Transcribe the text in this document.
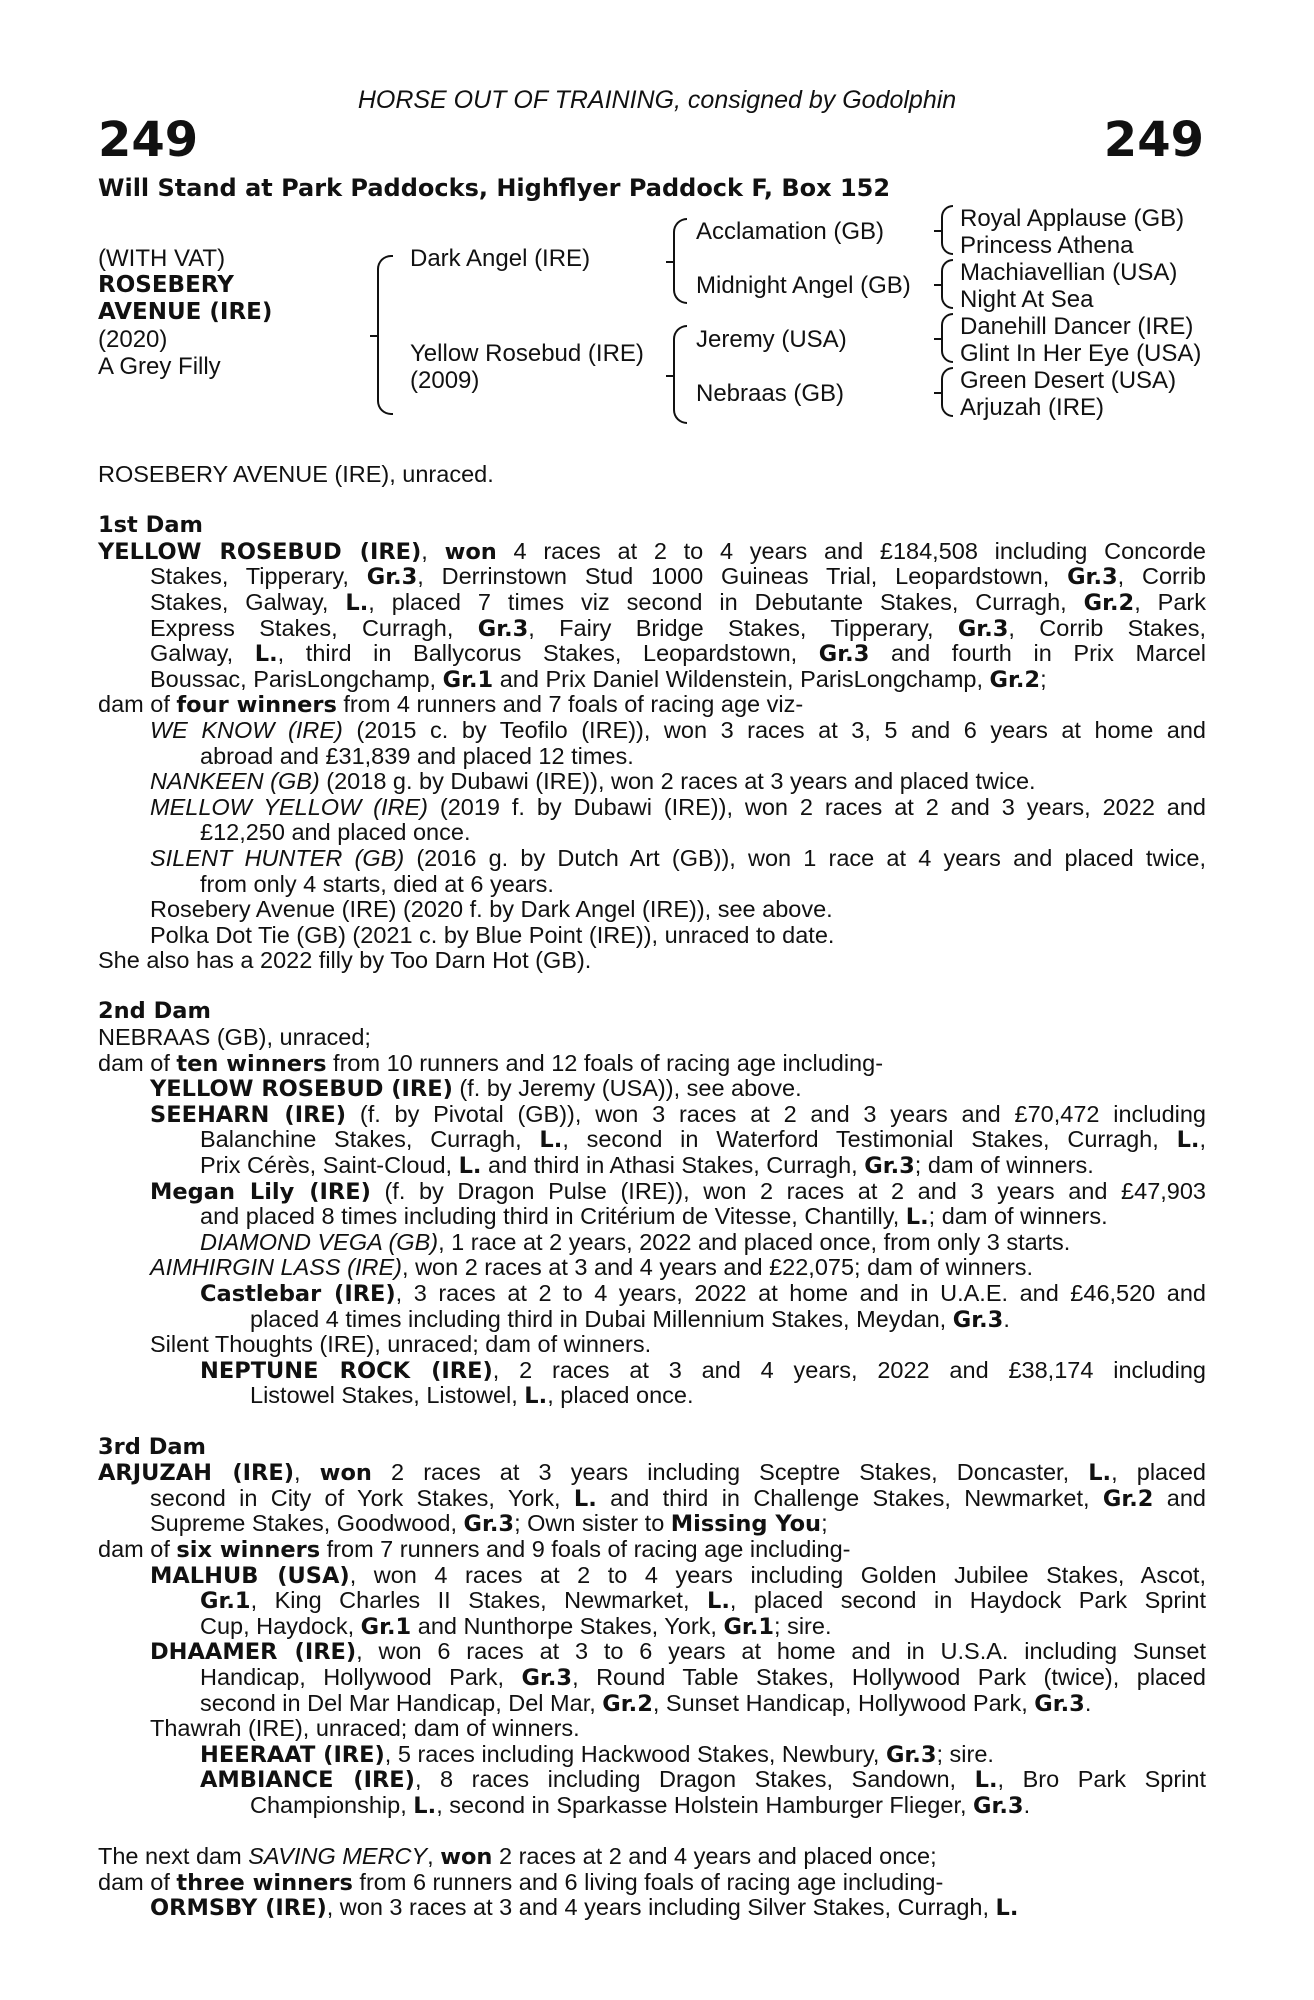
HORSE OUT OF TRAINING, consigned by Godolphin
249	249
Will Stand at Park Paddocks, Highflyer Paddock F, Box 152
(WITH VAT)
ROSEBERY
AVENUE (IRE)
(2020)
A Grey Filly
Dark Angel (IRE)
Yellow Rosebud (IRE)
(2009)
Acclamation (GB)
Midnight Angel (GB)
Jeremy (USA)
Nebraas (GB)
Royal Applause (GB)
Princess Athena
Machiavellian (USA)
Night At Sea
Danehill Dancer (IRE)
Glint In Her Eye (USA)
Green Desert (USA)
Arjuzah (IRE)
ROSEBERY AVENUE (IRE), unraced.
1st Dam
YELLOW ROSEBUD (IRE), won 4 races at 2 to 4 years and £184,508 including Concorde
Stakes, Tipperary, Gr.3, Derrinstown Stud 1000 Guineas Trial, Leopardstown, Gr.3, Corrib
Stakes, Galway, L., placed 7 times viz second in Debutante Stakes, Curragh, Gr.2, Park
Express Stakes, Curragh, Gr.3, Fairy Bridge Stakes, Tipperary, Gr.3, Corrib Stakes,
Galway, L., third in Ballycorus Stakes, Leopardstown, Gr.3 and fourth in Prix Marcel
Boussac, ParisLongchamp, Gr.1 and Prix Daniel Wildenstein, ParisLongchamp, Gr.2;
dam of four winners from 4 runners and 7 foals of racing age viz-
WE KNOW (IRE) (2015 c. by Teofilo (IRE)), won 3 races at 3, 5 and 6 years at home and
abroad and £31,839 and placed 12 times.
NANKEEN (GB) (2018 g. by Dubawi (IRE)), won 2 races at 3 years and placed twice.
MELLOW YELLOW (IRE) (2019 f. by Dubawi (IRE)), won 2 races at 2 and 3 years, 2022 and
£12,250 and placed once.
SILENT HUNTER (GB) (2016 g. by Dutch Art (GB)), won 1 race at 4 years and placed twice,
from only 4 starts, died at 6 years.
Rosebery Avenue (IRE) (2020 f. by Dark Angel (IRE)), see above.
Polka Dot Tie (GB) (2021 c. by Blue Point (IRE)), unraced to date.
She also has a 2022 filly by Too Darn Hot (GB).
2nd Dam
NEBRAAS (GB), unraced;
dam of ten winners from 10 runners and 12 foals of racing age including-
YELLOW ROSEBUD (IRE) (f. by Jeremy (USA)), see above.
SEEHARN (IRE) (f. by Pivotal (GB)), won 3 races at 2 and 3 years and £70,472 including
Balanchine Stakes, Curragh, L., second in Waterford Testimonial Stakes, Curragh, L.,
Prix Cérès, Saint-Cloud, L. and third in Athasi Stakes, Curragh, Gr.3; dam of winners.
Megan Lily (IRE) (f. by Dragon Pulse (IRE)), won 2 races at 2 and 3 years and £47,903
and placed 8 times including third in Critérium de Vitesse, Chantilly, L.; dam of winners.
DIAMOND VEGA (GB), 1 race at 2 years, 2022 and placed once, from only 3 starts.
AIMHIRGIN LASS (IRE), won 2 races at 3 and 4 years and £22,075; dam of winners.
Castlebar (IRE), 3 races at 2 to 4 years, 2022 at home and in U.A.E. and £46,520 and
placed 4 times including third in Dubai Millennium Stakes, Meydan, Gr.3.
Silent Thoughts (IRE), unraced; dam of winners.
NEPTUNE ROCK (IRE), 2 races at 3 and 4 years, 2022 and £38,174 including
Listowel Stakes, Listowel, L., placed once.
3rd Dam
ARJUZAH (IRE), won 2 races at 3 years including Sceptre Stakes, Doncaster, L., placed
second in City of York Stakes, York, L. and third in Challenge Stakes, Newmarket, Gr.2 and
Supreme Stakes, Goodwood, Gr.3; Own sister to Missing You;
dam of six winners from 7 runners and 9 foals of racing age including-
MALHUB (USA), won 4 races at 2 to 4 years including Golden Jubilee Stakes, Ascot,
Gr.1, King Charles II Stakes, Newmarket, L., placed second in Haydock Park Sprint
Cup, Haydock, Gr.1 and Nunthorpe Stakes, York, Gr.1; sire.
DHAAMER (IRE), won 6 races at 3 to 6 years at home and in U.S.A. including Sunset
Handicap, Hollywood Park, Gr.3, Round Table Stakes, Hollywood Park (twice), placed
second in Del Mar Handicap, Del Mar, Gr.2, Sunset Handicap, Hollywood Park, Gr.3.
Thawrah (IRE), unraced; dam of winners.
HEERAAT (IRE), 5 races including Hackwood Stakes, Newbury, Gr.3; sire.
AMBIANCE (IRE), 8 races including Dragon Stakes, Sandown, L., Bro Park Sprint
Championship, L., second in Sparkasse Holstein Hamburger Flieger, Gr.3.
The next dam SAVING MERCY, won 2 races at 2 and 4 years and placed once;
dam of three winners from 6 runners and 6 living foals of racing age including-
ORMSBY (IRE), won 3 races at 3 and 4 years including Silver Stakes, Curragh, L.
